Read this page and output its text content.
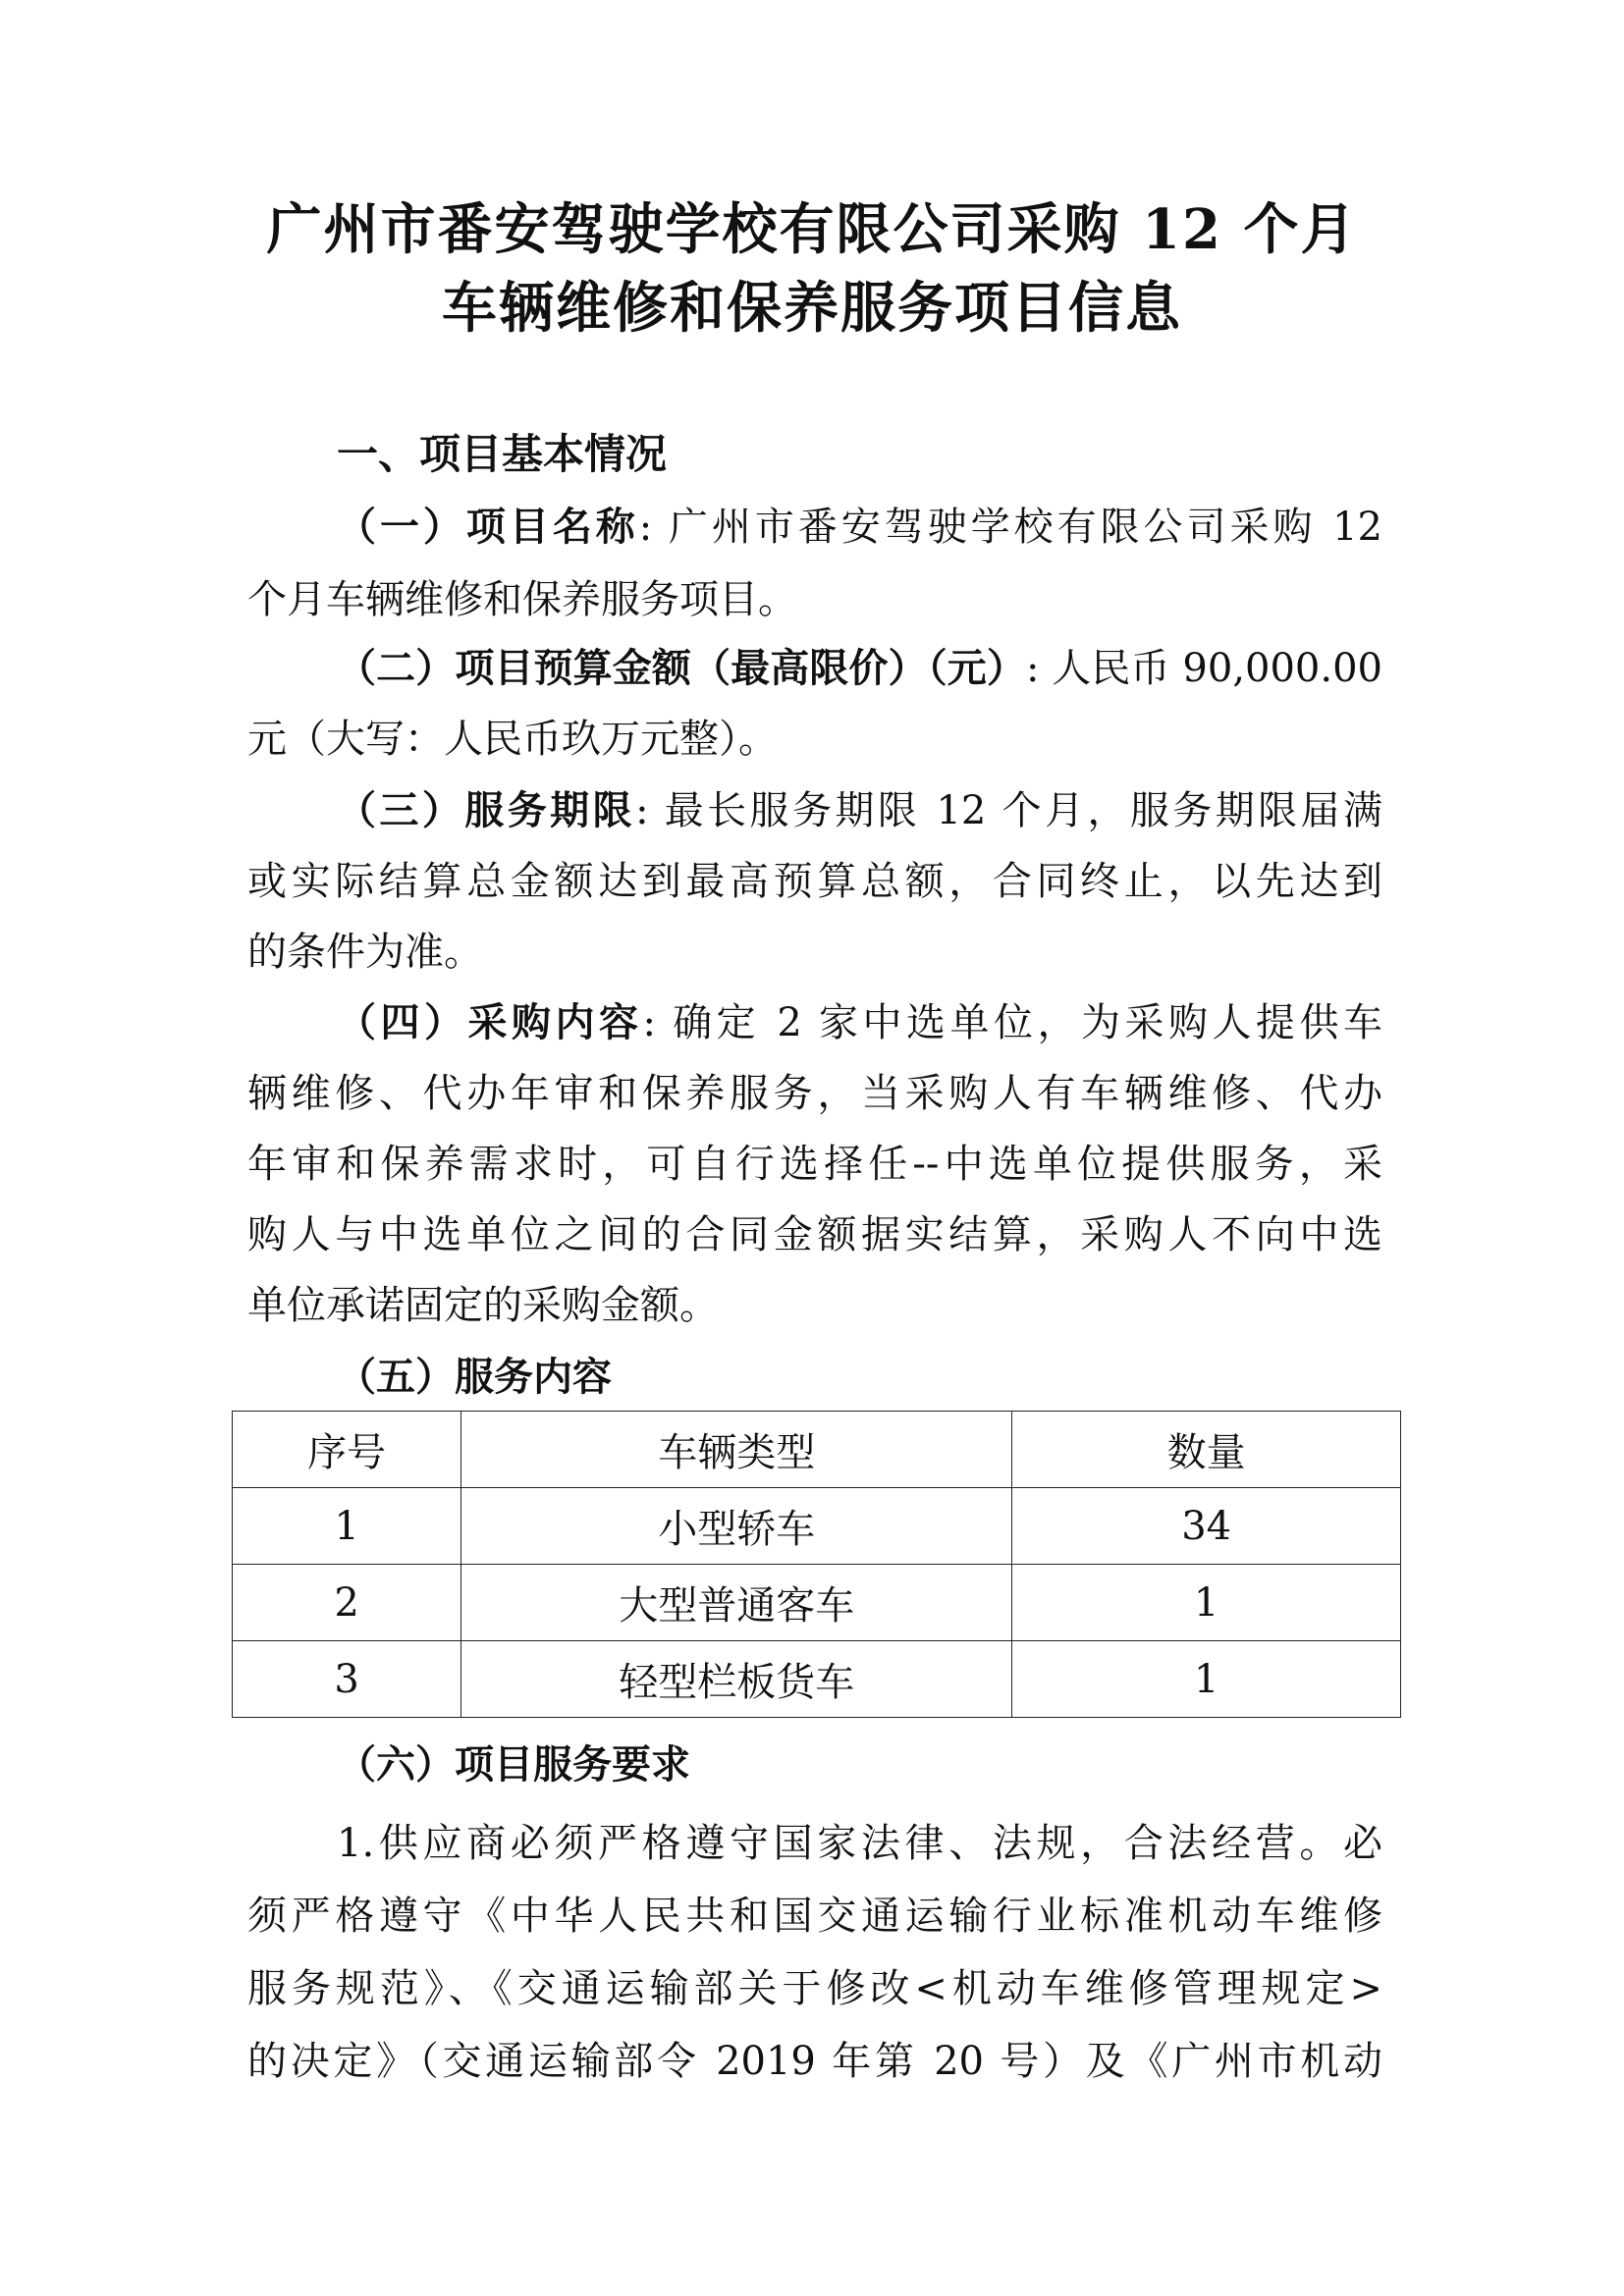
广州市番安驾驶学校有限公司采购 12 个月
车辆维修和保养服务项目信息
一、项目基本情况
（一）项目名称: 广州市番安驾驶学校有限公司采购 12
个月车辆维修和保养服务项目。
（二）项目预算金额（最高限价）（元）: 人民币 90,000.00
元（大写：人民币玖万元整）。
（三）服务期限: 最长服务期限 12 个月，服务期限届满
或实际结算总金额达到最高预算总额，合同终止，以先达到
的条件为准。
（四）采购内容: 确定 2 家中选单位，为采购人提供车
辆维修、代办年审和保养服务，当采购人有车辆维修、代办
年审和保养需求时，可自行选择任--中选单位提供服务，采
购人与中选单位之间的合同金额据实结算，采购人不向中选
单位承诺固定的采购金额。
（五）服务内容
序号	车辆类型	数量
1	小型轿车	34
2	大型普通客车	1
3	轻型栏板货车	1
（六）项目服务要求
1.供应商必须严格遵守国家法律、法规，合法经营。必
须严格遵守《中华人民共和国交通运输行业标准机动车维修
服务规范》、《交通运输部关于修改<机动车维修管理规定>
的决定》（交通运输部令 2019 年第 20 号）及《广州市机动
